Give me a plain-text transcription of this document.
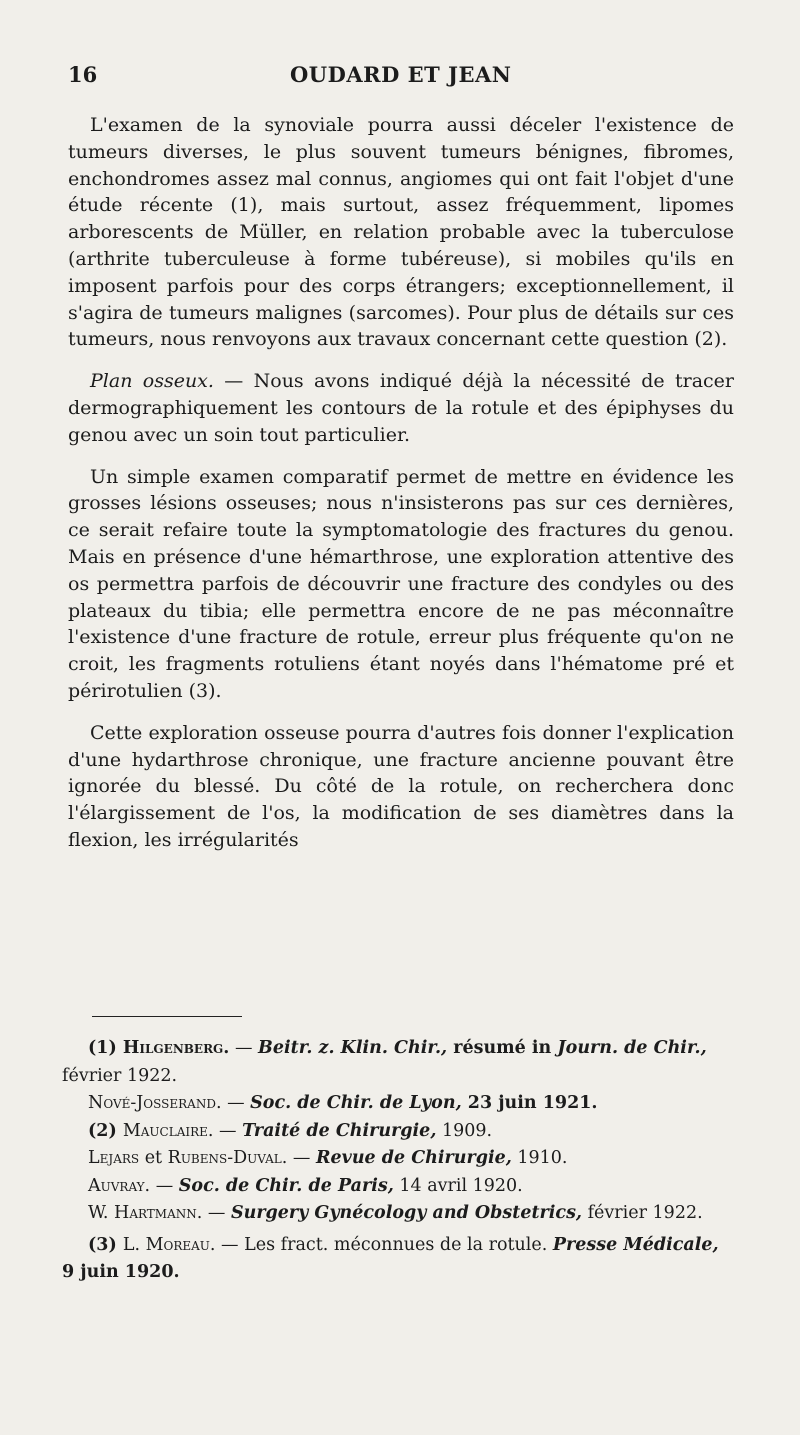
16	OUDARD ET JEAN

L'examen de la synoviale pourra aussi déceler l'existence de tumeurs diverses, le plus souvent tumeurs bénignes, fibromes, enchondromes assez mal connus, angiomes qui ont fait l'objet d'une étude récente (1), mais surtout, assez fréquemment, lipomes arborescents de Müller, en relation probable avec la tuberculose (arthrite tuberculeuse à forme tubéreuse), si mobiles qu'ils en imposent parfois pour des corps étrangers; exceptionnellement, il s'agira de tumeurs malignes (sarcomes). Pour plus de détails sur ces tumeurs, nous renvoyons aux travaux concernant cette question (2).

Plan osseux. — Nous avons indiqué déjà la nécessité de tracer dermographiquement les contours de la rotule et des épiphyses du genou avec un soin tout particulier.

Un simple examen comparatif permet de mettre en évidence les grosses lésions osseuses; nous n'insisterons pas sur ces dernières, ce serait refaire toute la symptomatologie des fractures du genou. Mais en présence d'une hémarthrose, une exploration attentive des os permettra parfois de découvrir une fracture des condyles ou des plateaux du tibia; elle permettra encore de ne pas méconnaître l'existence d'une fracture de rotule, erreur plus fréquente qu'on ne croit, les fragments rotuliens étant noyés dans l'hématome pré et périrotulien (3).

Cette exploration osseuse pourra d'autres fois donner l'explication d'une hydarthrose chronique, une fracture ancienne pouvant être ignorée du blessé. Du côté de la rotule, on recherchera donc l'élargissement de l'os, la modification de ses diamètres dans la flexion, les irrégularités

(1) Hilgenberg. — Beitr. z. Klin. Chir., résumé in Journ. de Chir., février 1922.

Nové-Josserand. — Soc. de Chir. de Lyon, 23 juin 1921.

(2) Mauclaire. — Traité de Chirurgie, 1909.

Lejars et Rubens-Duval. — Revue de Chirurgie, 1910.

Auvray. — Soc. de Chir. de Paris, 14 avril 1920.

W. Hartmann. — Surgery Gynécology and Obstetrics, février 1922.

(3) L. Moreau. — Les fract. méconnues de la rotule. Presse Médicale, 9 juin 1920.
